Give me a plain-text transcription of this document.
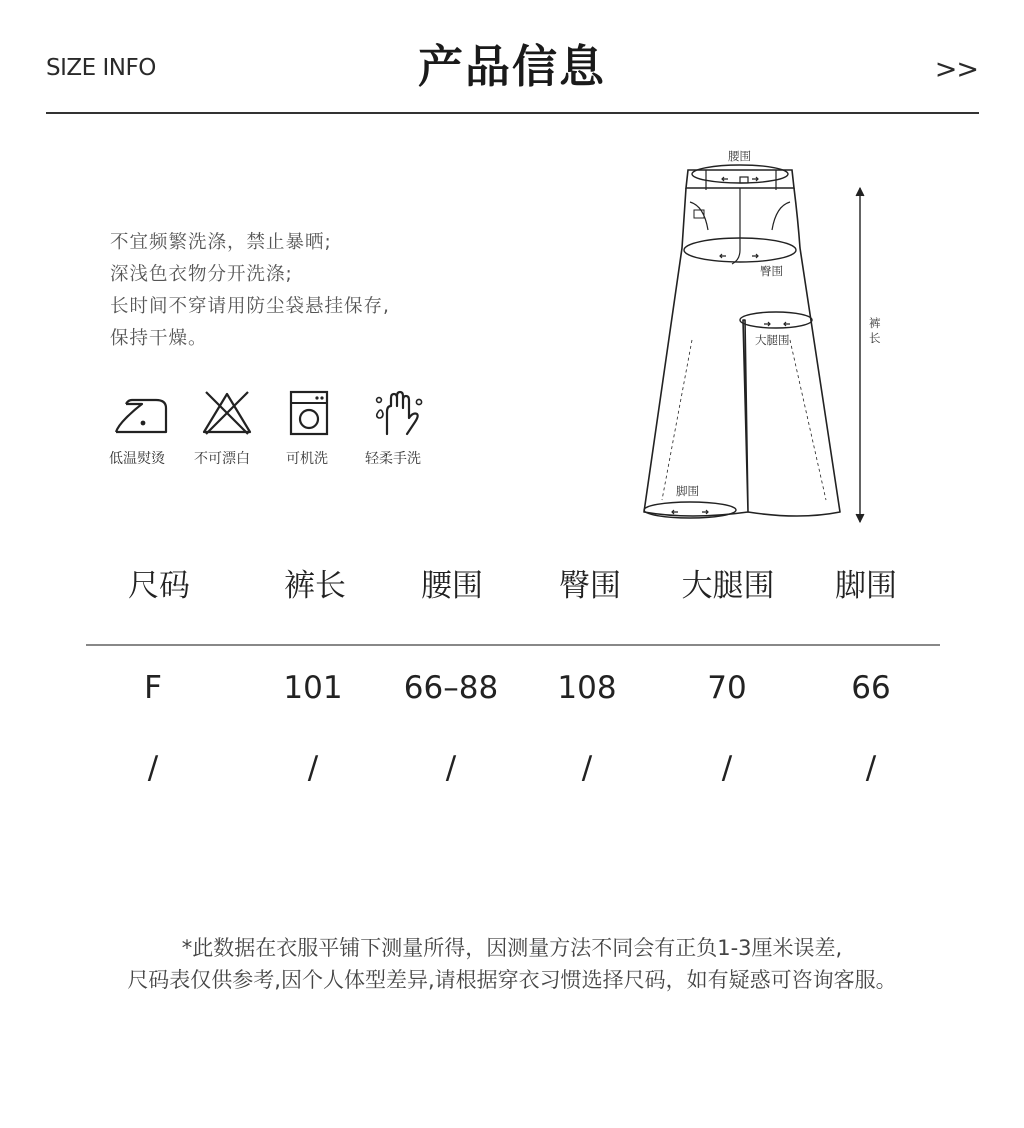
SIZE INFO	产品信息	>>
不宜频繁洗涤，禁止暴晒;
深浅色衣物分开洗涤;
长时间不穿请用防尘袋悬挂保存,
保持干燥。
低温熨烫 不可漂白	可机洗	轻柔手洗
腰围
臀围
大腿围
脚围
裤
长
尺码	裤长	腰围	臀围	大腿围	脚围
F	101	66–88	108	70	66
/	/	/	/	/	/
*此数据在衣服平铺下测量所得，因测量方法不同会有正负1-3厘米误差,
尺码表仅供参考,因个人体型差异,请根据穿衣习惯选择尺码，如有疑惑可咨询客服。
